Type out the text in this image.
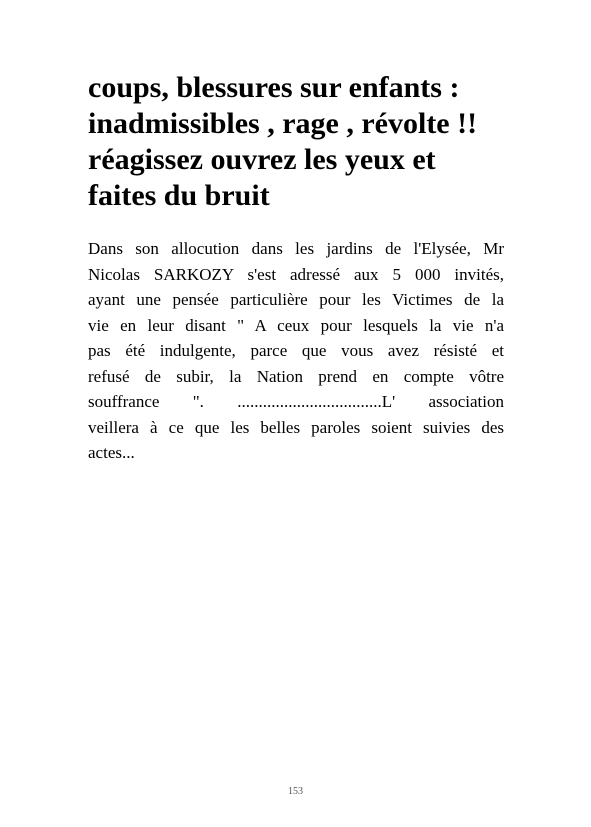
coups, blessures sur enfants :
inadmissibles , rage , révolte !!
réagissez ouvrez les yeux et
faites du bruit
Dans son allocution dans les jardins de l'Elysée, Mr
Nicolas SARKOZY s'est adressé aux 5 000 invités,
ayant une pensée particulière pour les Victimes de la
vie en leur disant " A ceux pour lesquels la vie n'a
pas été indulgente, parce que vous avez résisté et
refusé de subir, la Nation prend en compte vôtre
souffrance ". ..................................L' association
veillera à ce que les belles paroles soient suivies des
actes...
153
